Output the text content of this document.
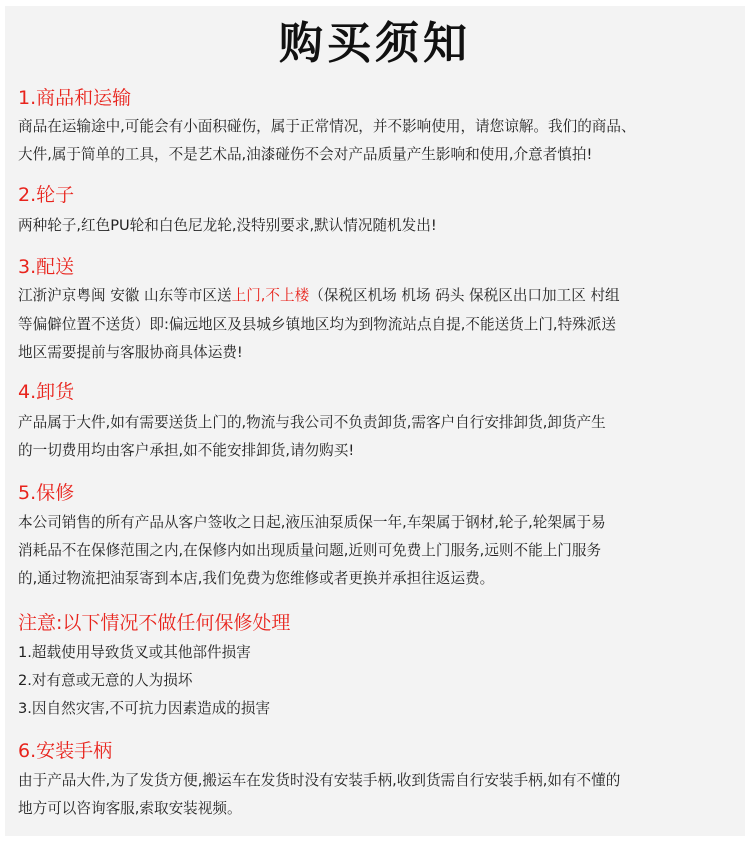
购买须知
1.商品和运输
商品在运输途中,可能会有小面积碰伤，属于正常情况，并不影响使用，请您谅解。我们的商品、
大件,属于简单的工具，不是艺术品,油漆碰伤不会对产品质量产生影响和使用,介意者慎拍!
2.轮子
两种轮子,红色PU轮和白色尼龙轮,没特别要求,默认情况随机发出!
3.配送
江浙沪京粤闽 安徽 山东等市区送上门,不上楼（保税区机场 机场 码头 保税区出口加工区 村组
等偏僻位置不送货）即:偏远地区及县城乡镇地区均为到物流站点自提,不能送货上门,特殊派送
地区需要提前与客服协商具体运费!
4.卸货
产品属于大件,如有需要送货上门的,物流与我公司不负责卸货,需客户自行安排卸货,卸货产生
的一切费用均由客户承担,如不能安排卸货,请勿购买!
5.保修
本公司销售的所有产品从客户签收之日起,液压油泵质保一年,车架属于钢材,轮子,轮架属于易
消耗品不在保修范围之内,在保修内如出现质量问题,近则可免费上门服务,远则不能上门服务
的,通过物流把油泵寄到本店,我们免费为您维修或者更换并承担往返运费。
注意:以下情况不做任何保修处理
1.超载使用导致货叉或其他部件损害
2.对有意或无意的人为损坏
3.因自然灾害,不可抗力因素造成的损害
6.安装手柄
由于产品大件,为了发货方便,搬运车在发货时没有安装手柄,收到货需自行安装手柄,如有不懂的
地方可以咨询客服,索取安装视频。
